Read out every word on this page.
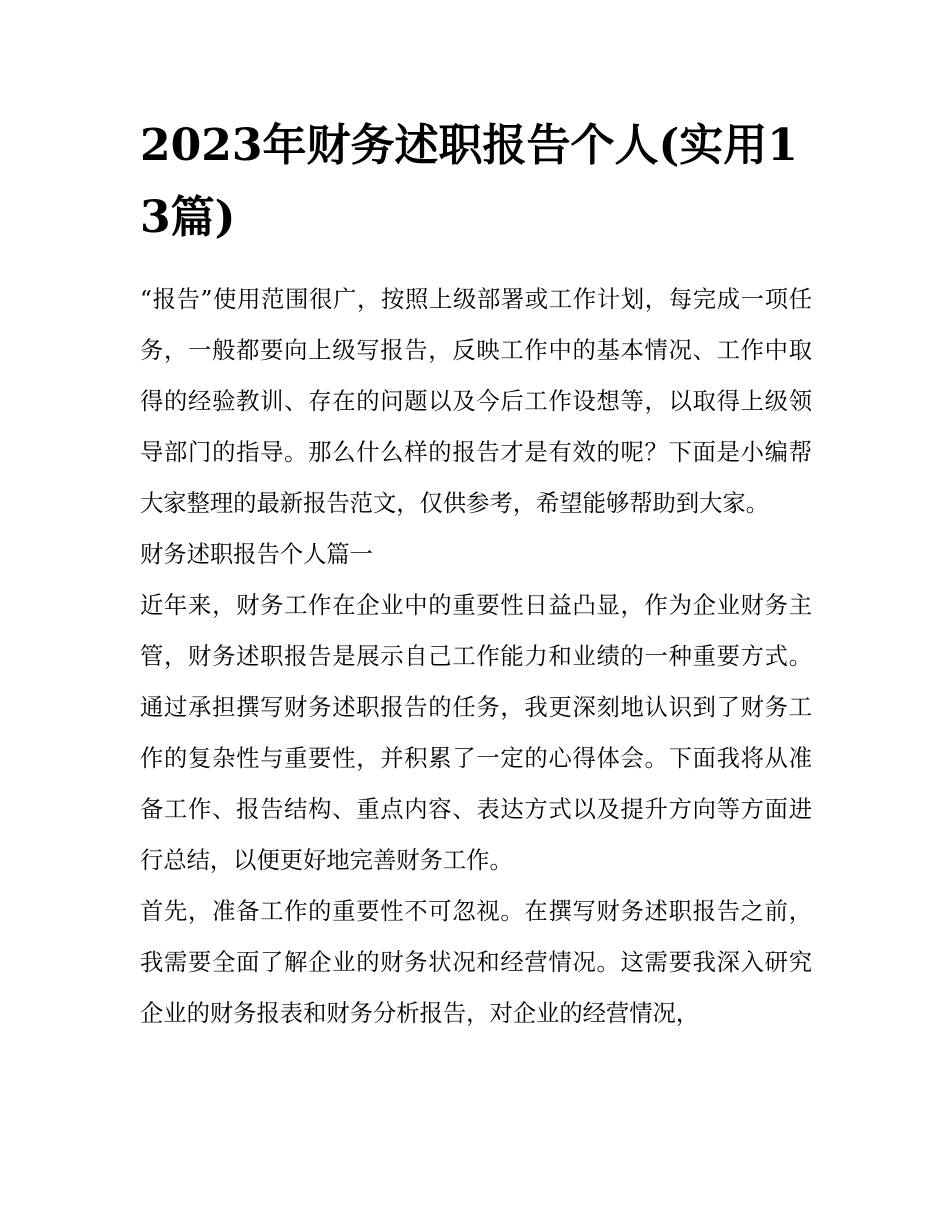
2023年财务述职报告个人(实用13篇)

“报告”使用范围很广，按照上级部署或工作计划，每完成一项任务，一般都要向上级写报告，反映工作中的基本情况、工作中取得的经验教训、存在的问题以及今后工作设想等，以取得上级领导部门的指导。那么什么样的报告才是有效的呢？下面是小编帮大家整理的最新报告范文，仅供参考，希望能够帮助到大家。

财务述职报告个人篇一

近年来，财务工作在企业中的重要性日益凸显，作为企业财务主管，财务述职报告是展示自己工作能力和业绩的一种重要方式。通过承担撰写财务述职报告的任务，我更深刻地认识到了财务工作的复杂性与重要性，并积累了一定的心得体会。下面我将从准备工作、报告结构、重点内容、表达方式以及提升方向等方面进行总结，以便更好地完善财务工作。

首先，准备工作的重要性不可忽视。在撰写财务述职报告之前，我需要全面了解企业的财务状况和经营情况。这需要我深入研究企业的财务报表和财务分析报告，对企业的经营情况，
